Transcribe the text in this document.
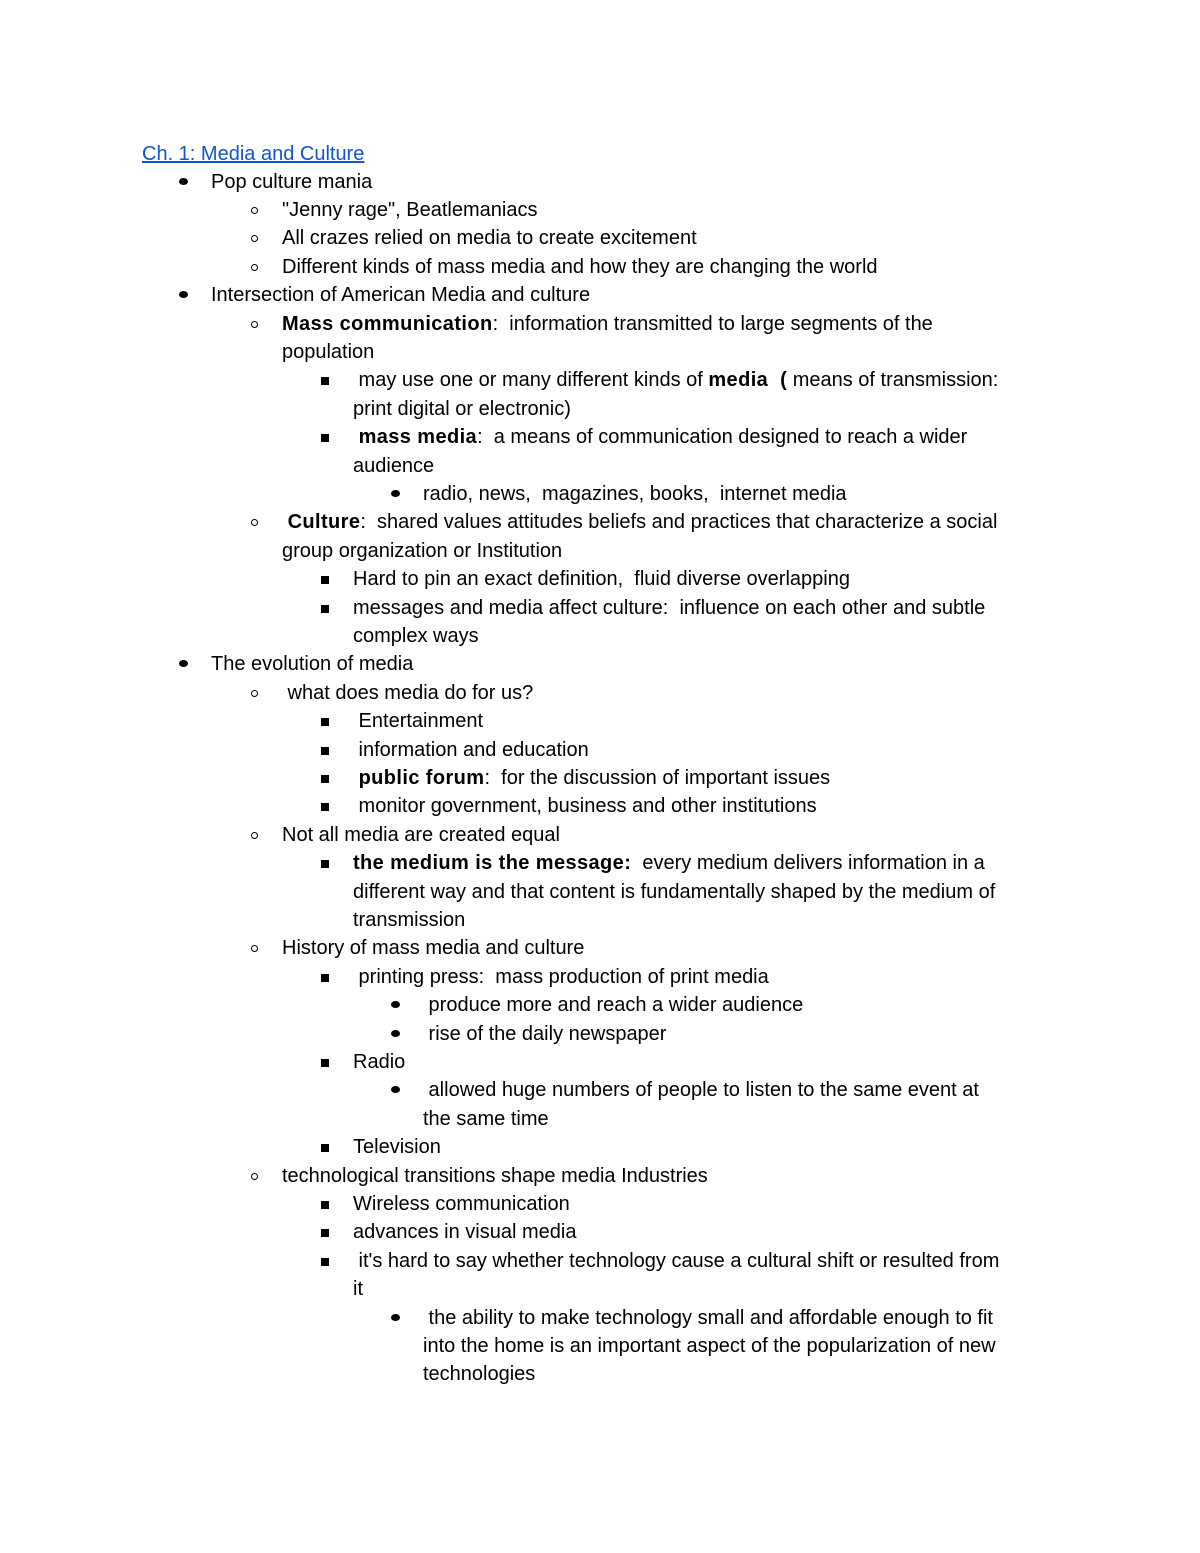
Ch. 1: Media and Culture
Pop culture mania
"Jenny rage", Beatlemaniacs
All crazes relied on media to create excitement
Different kinds of mass media and how they are changing the world
Intersection of American Media and culture
Mass communication:  information transmitted to large segments of the
population
may use one or many different kinds of media  ( means of transmission:
print digital or electronic)
mass media:  a means of communication designed to reach a wider
audience
radio, news,  magazines, books,  internet media
Culture:  shared values attitudes beliefs and practices that characterize a social
group organization or Institution
Hard to pin an exact definition,  fluid diverse overlapping
messages and media affect culture:  influence on each other and subtle
complex ways
The evolution of media
what does media do for us?
Entertainment
information and education
public forum:  for the discussion of important issues
monitor government, business and other institutions
Not all media are created equal
the medium is the message:  every medium delivers information in a
different way and that content is fundamentally shaped by the medium of
transmission
History of mass media and culture
printing press:  mass production of print media
produce more and reach a wider audience
rise of the daily newspaper
Radio
allowed huge numbers of people to listen to the same event at
the same time
Television
technological transitions shape media Industries
Wireless communication
advances in visual media
it's hard to say whether technology cause a cultural shift or resulted from
it
the ability to make technology small and affordable enough to fit
into the home is an important aspect of the popularization of new
technologies
